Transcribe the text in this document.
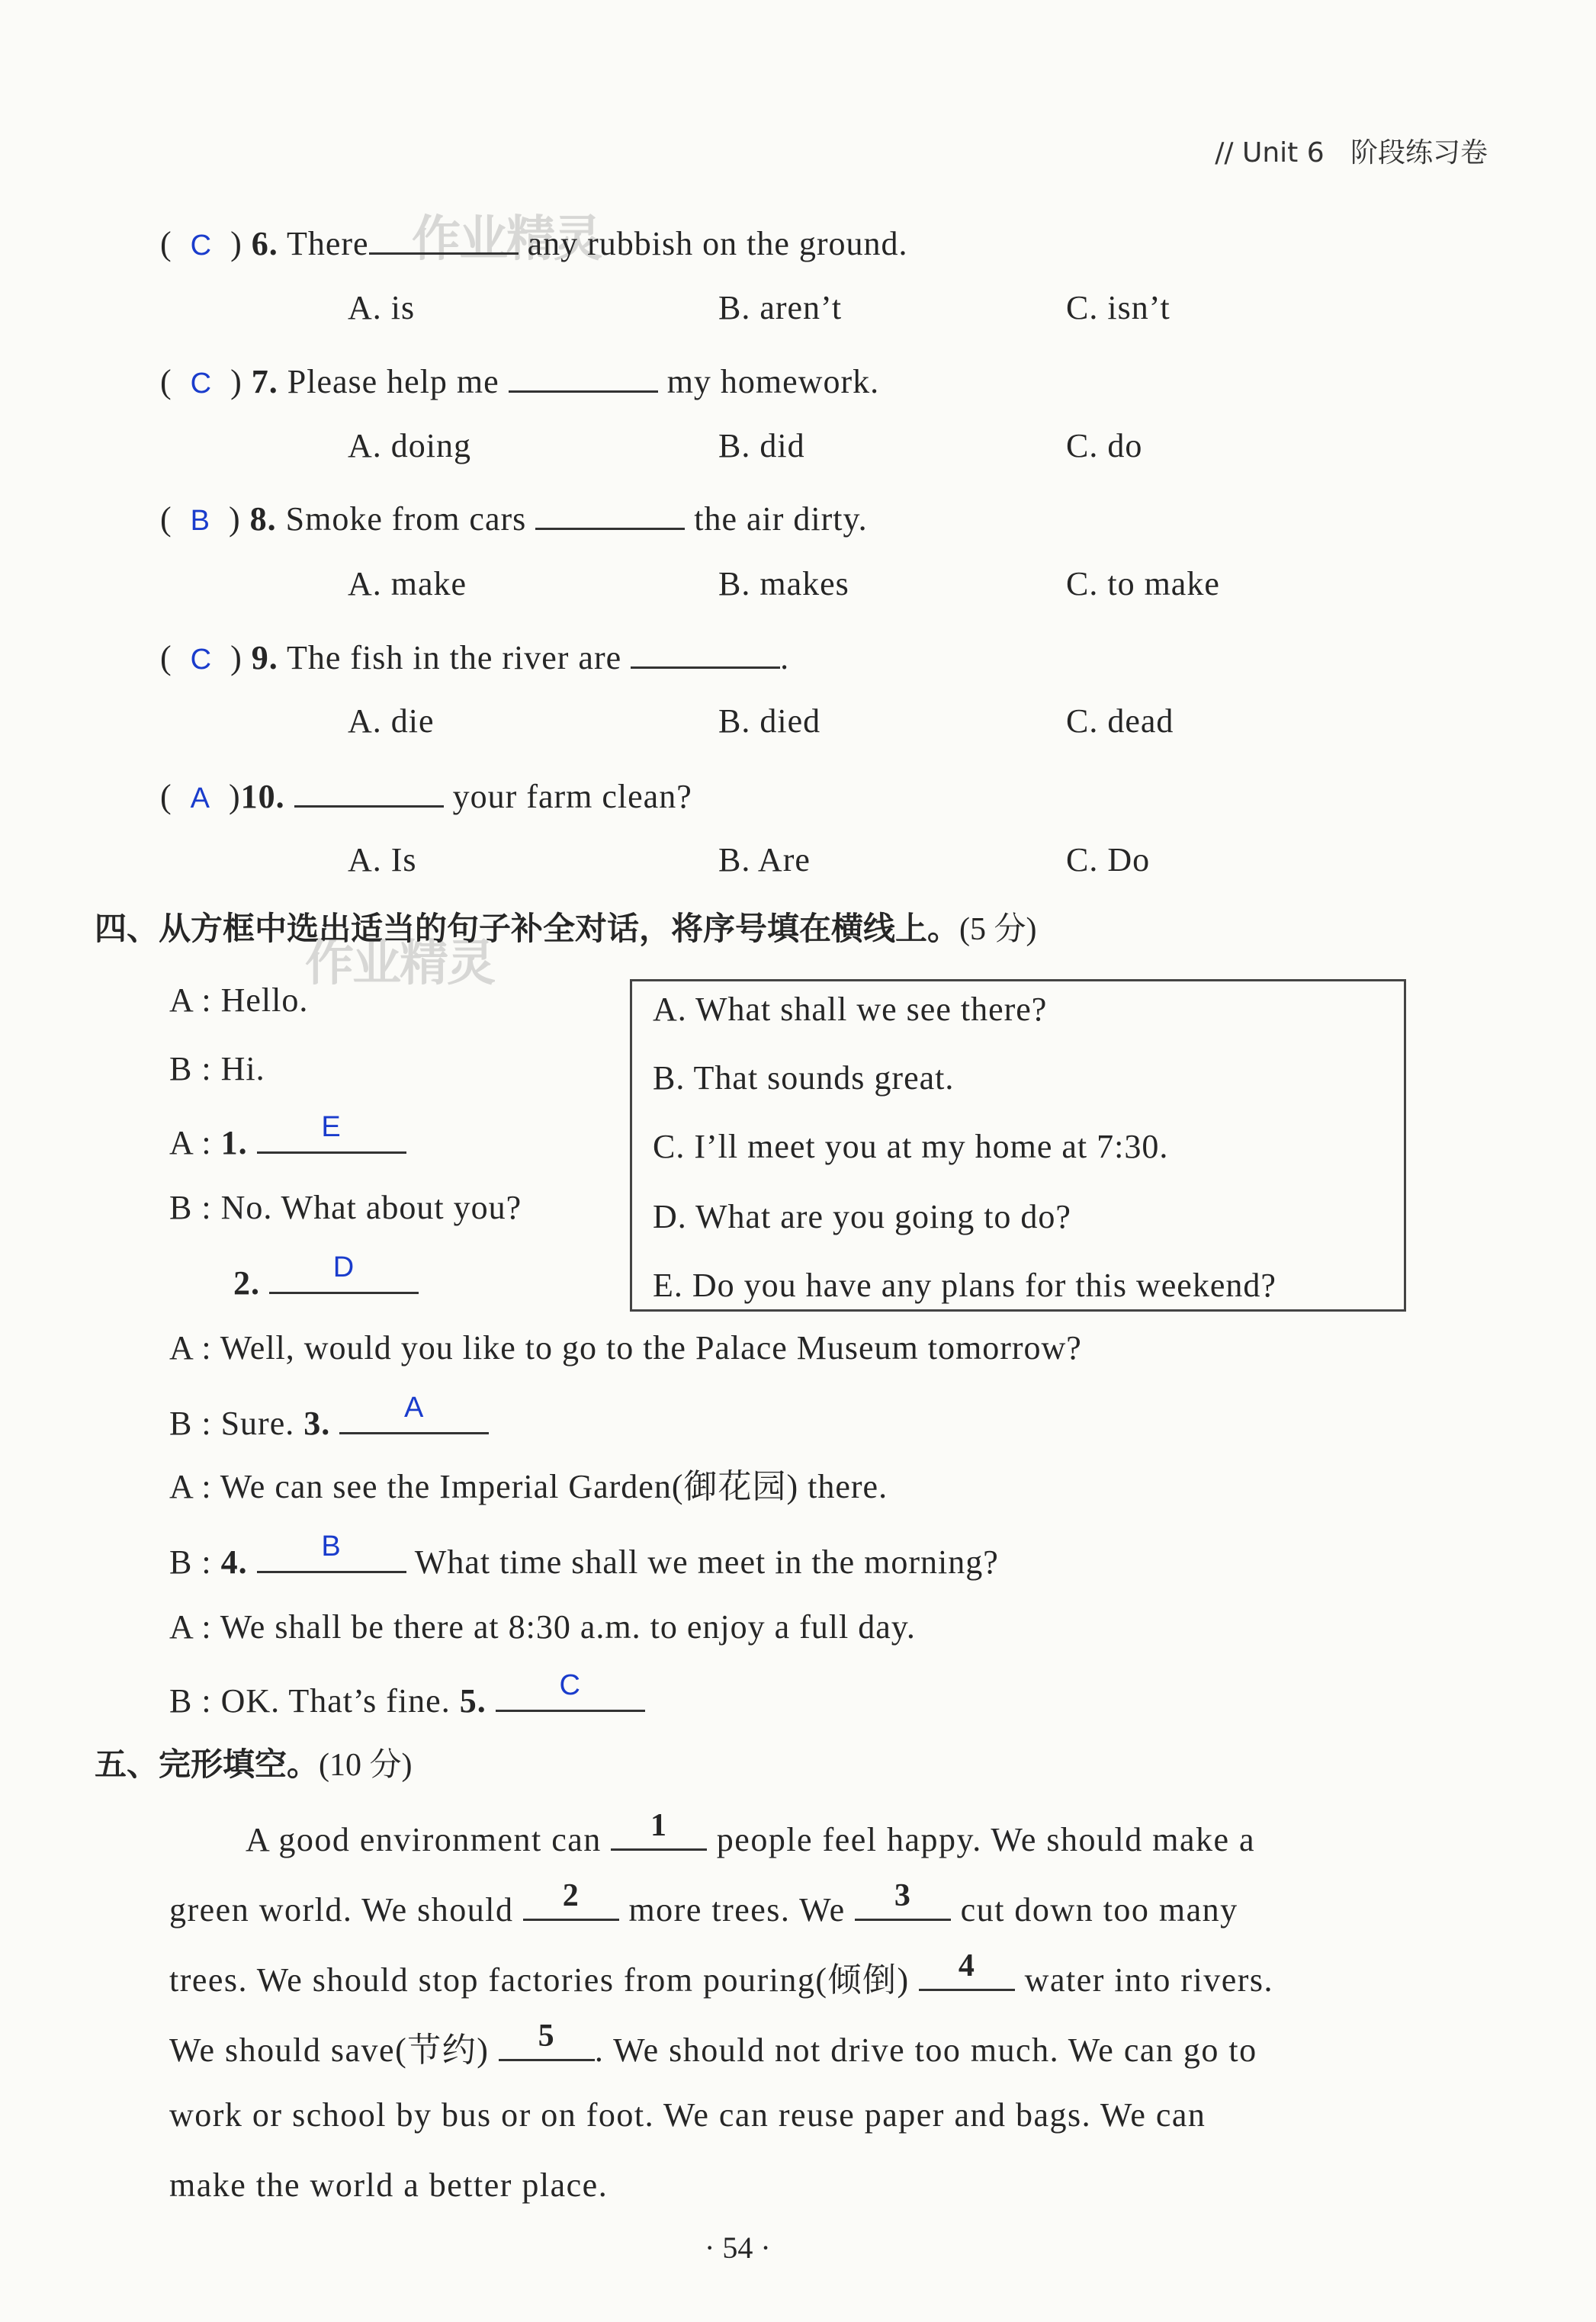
// Unit 6 阶段练习卷
作业精灵
作业精灵
( C ) 6. There	any rubbish on the ground.
A. is	B. aren’t	C. isn’t
( C ) 7. Please help me	my homework.
A. doing	B. did	C. do
( B ) 8. Smoke from cars	the air dirty.
A. make	B. makes	C. to make
( C ) 9. The fish in the river are	.
A. die	B. died	C. dead
( A )10.	your farm clean?
A. Is	B. Are	C. Do
四、从方框中选出适当的句子补全对话，将序号填在横线上。(5 分)
A. What shall we see there?
B. That sounds great.
C. I’ll meet you at my home at 7:30.
D. What are you going to do?
E. Do you have any plans for this weekend?
A : Hello.
B : Hi.
A : 1.	E
B : No. What about you?
2.	D
A : Well, would you like to go to the Palace Museum tomorrow?
B : Sure. 3.	A
A : We can see the Imperial Garden(御花园) there.
B : 4.	B	What time shall we meet in the morning?
A : We shall be there at 8:30 a.m. to enjoy a full day.
B : OK. That’s fine. 5.	C
五、完形填空。(10 分)
A good environment can	1	people feel happy. We should make a
green world. We should	2	more trees. We	3	cut down too many
trees. We should stop factories from pouring(倾倒)	4	water into rivers.
We should save(节约)	5	. We should not drive too much. We can go to
work or school by bus or on foot. We can reuse paper and bags. We can
make the world a better place.
· 54 ·
